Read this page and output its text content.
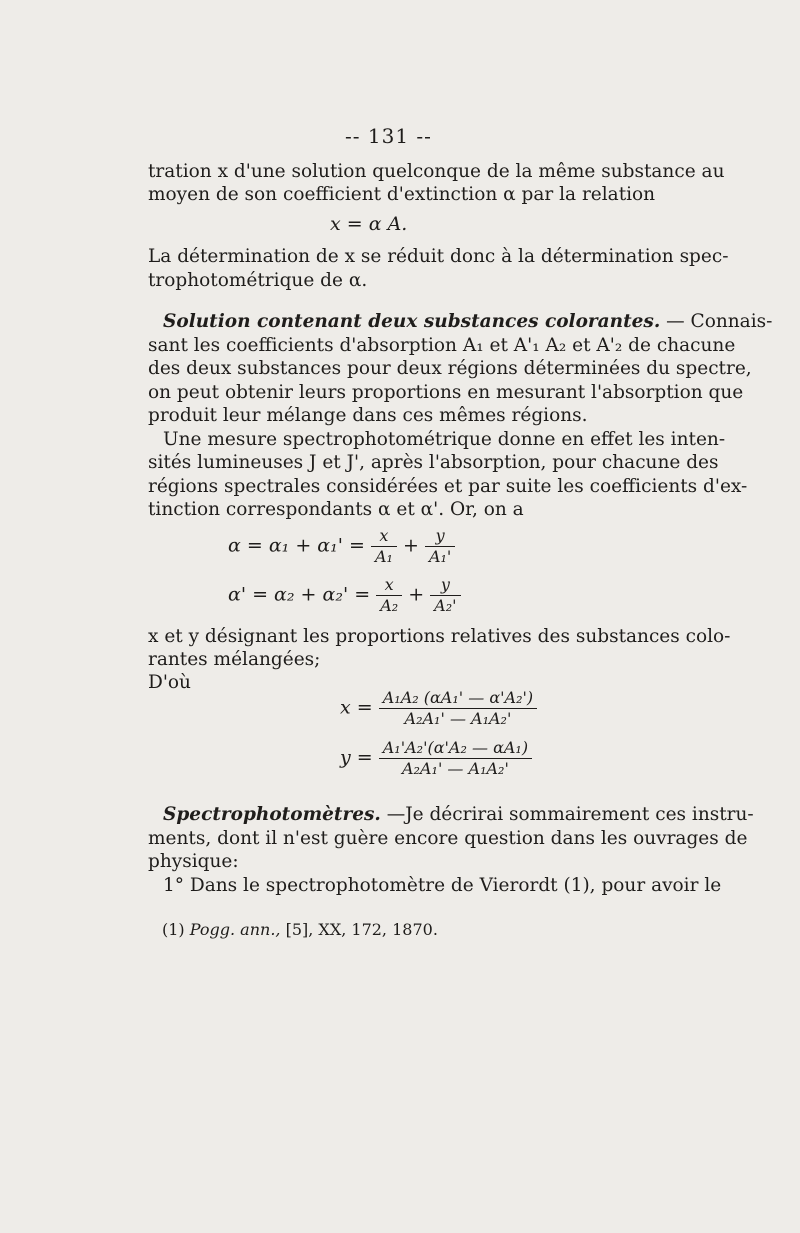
-- 131 --
tration x d'une solution quelconque de la même substance au
moyen de son coefficient d'extinction α par la relation
x = α A.
La détermination de x se réduit donc à la détermination spec-
trophotométrique de α.
Solution contenant deux substances colorantes. — Connais-
sant les coefficients d'absorption A₁ et A'₁ A₂ et A'₂ de chacune
des deux substances pour deux régions déterminées du spectre,
on peut obtenir leurs proportions en mesurant l'absorption que
produit leur mélange dans ces mêmes régions.
Une mesure spectrophotométrique donne en effet les inten-
sités lumineuses J et J', après l'absorption, pour chacune des
régions spectrales considérées et par suite les coefficients d'ex-
tinction correspondants α et α'. Or, on a
$\alpha = \alpha_1 + \alpha_1' = \frac{x}{\text{A₁}} + \frac{y}{\text{A₁'}}$
$\alpha' = \alpha_2 + \alpha_2' = \frac{x}{\text{A₂}} + \frac{y}{\text{A₂'}}$
x et y désignant les proportions relatives des substances colo-
rantes mélangées;
D'où
$x = \frac{\text{A₁A₂ (αA₁' — α'A₂')}}{\text{A₂A₁' — A₁A₂'}}$
$y = \frac{\text{A₁'A₂'(α'A₂ — αA₁)}}{\text{A₂A₁' — A₁A₂'}}$
Spectrophotomètres. —Je décrirai sommairement ces instru-
ments, dont il n'est guère encore question dans les ouvrages de
physique:
1° Dans le spectrophotomètre de Vierordt (1), pour avoir le
(1) Pogg. ann., [5], XX, 172, 1870.
